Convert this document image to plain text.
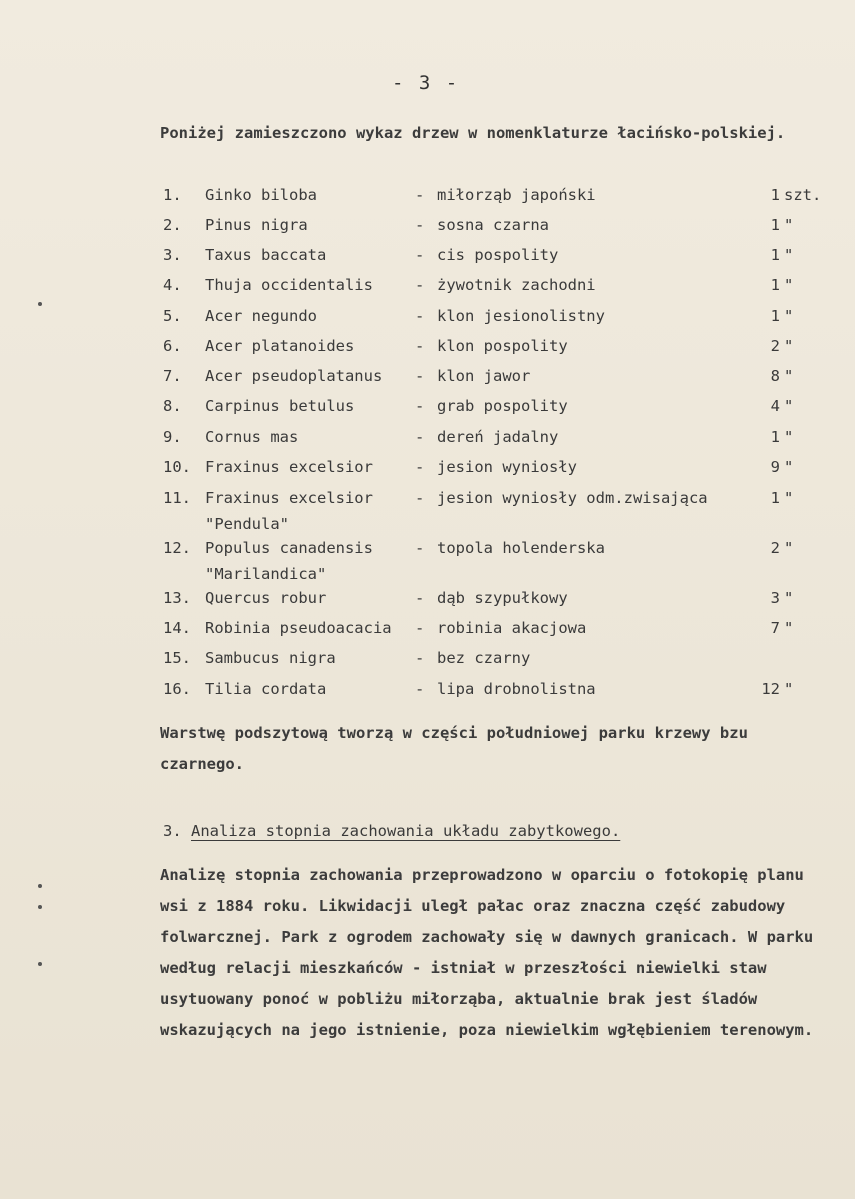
- 3 -
Poniżej zamieszczono wykaz drzew w nomenklaturze łacińsko-polskiej.
1. Ginko biloba	- miłorząb japoński	1 szt.
2. Pinus nigra	- sosna czarna	1 "
3. Taxus baccata	- cis pospolity	1 "
4. Thuja occidentalis	- żywotnik zachodni	1 "
5. Acer negundo	- klon jesionolistny	1 "
6. Acer platanoides	- klon pospolity	2 "
7. Acer pseudoplatanus - klon jawor	8 "
8. Carpinus betulus	- grab pospolity	4 "
9. Cornus mas	- dereń jadalny	1 "
10. Fraxinus excelsior	- jesion wyniosły	9 "
11. Fraxinus excelsior	- jesion wyniosły odm.zwisająca	1 "
"Pendula"
12. Populus canadensis	- topola holenderska	2 "
"Marilandica"
13. Quercus robur	- dąb szypułkowy	3 "
14. Robinia pseudoacacia - robinia akacjowa	7 "
15. Sambucus nigra	- bez czarny
16. Tilia cordata	- lipa drobnolistna	12 "
Warstwę podszytową tworzą w części południowej parku krzewy bzu czarnego.
3. Analiza stopnia zachowania układu zabytkowego.
Analizę stopnia zachowania przeprowadzono w oparciu o fotokopię planu wsi z 1884 roku. Likwidacji uległ pałac oraz znaczna część zabudowy folwarcznej. Park z ogrodem zachowały się w dawnych granicach. W parku według relacji mieszkańców - istniał w przeszłości niewielki staw usytuowany ponoć w pobliżu miłorząba, aktualnie brak jest śladów wskazujących na jego istnienie, poza niewielkim wgłębieniem terenowym.
